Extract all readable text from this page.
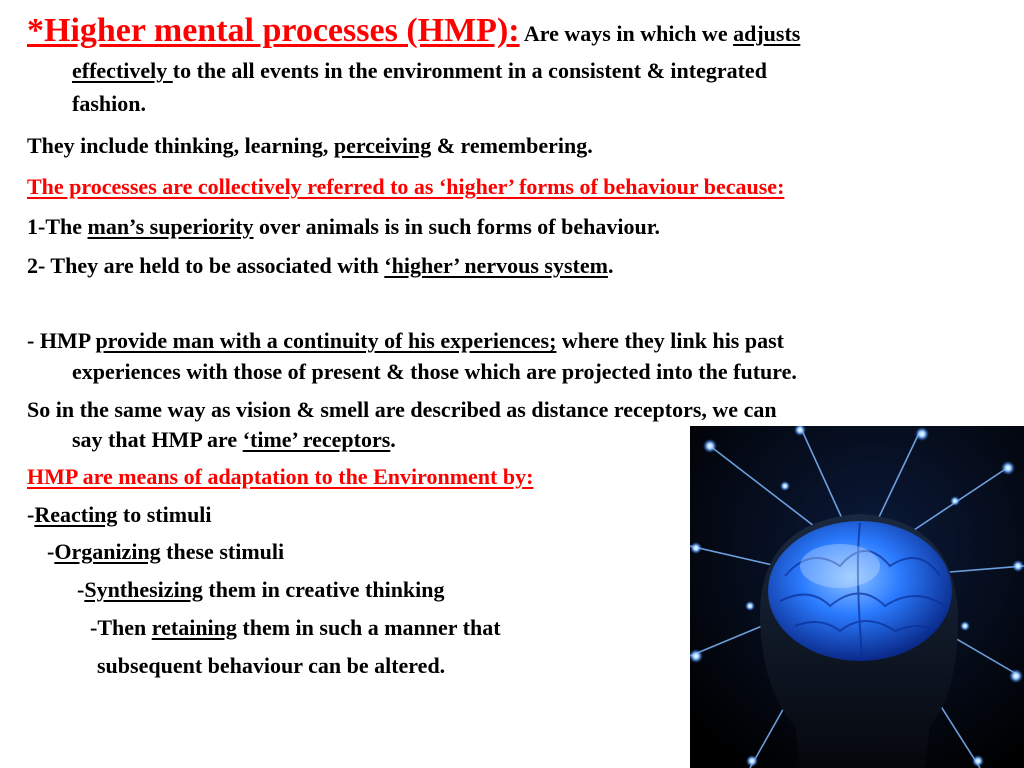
*Higher mental processes (HMP): Are ways in which we adjusts
effectively to the all events in the environment in a consistent & integrated
fashion.
They include thinking, learning, perceiving & remembering.
The processes are collectively referred to as ‘higher’ forms of behaviour because:
1-The man’s superiority over animals is in such forms of behaviour.
2- They are held to be associated with ‘higher’ nervous system.
- HMP provide man with a continuity of his experiences; where they link his past
experiences with those of present & those which are projected into the future.
So in the same way as vision & smell are described as distance receptors, we can
say that HMP are ‘time’ receptors.
HMP are means of adaptation to the Environment by:
-Reacting to stimuli
-Organizing these stimuli
-Synthesizing them in creative thinking
-Then retaining them in such a manner that
subsequent behaviour can be altered.
